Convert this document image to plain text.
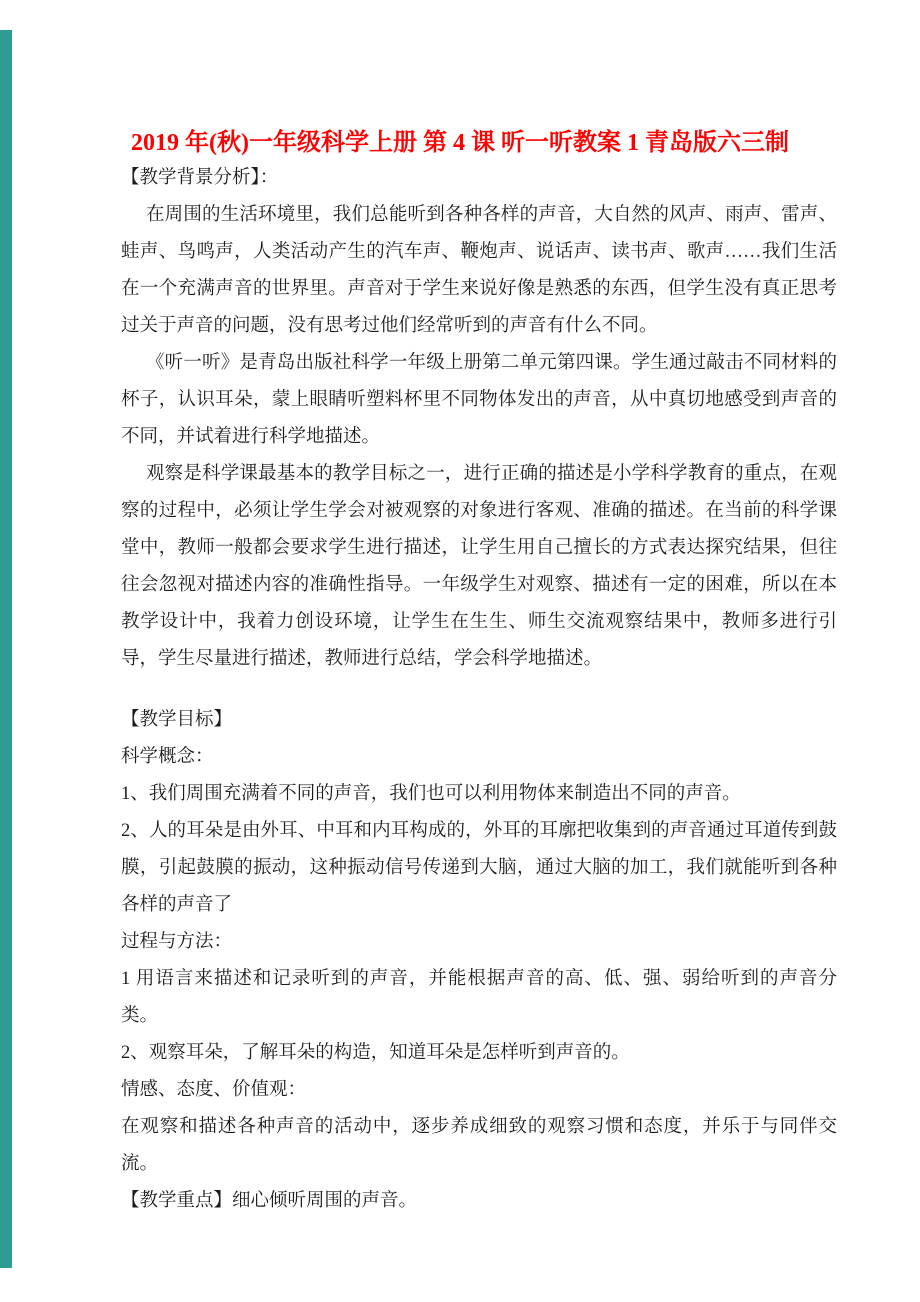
2019 年(秋)一年级科学上册 第 4 课 听一听教案 1 青岛版六三制

【教学背景分析】：

在周围的生活环境里，我们总能听到各种各样的声音，大自然的风声、雨声、雷声、蛙声、鸟鸣声，人类活动产生的汽车声、鞭炮声、说话声、读书声、歌声……我们生活在一个充满声音的世界里。声音对于学生来说好像是熟悉的东西，但学生没有真正思考过关于声音的问题，没有思考过他们经常听到的声音有什么不同。

《听一听》是青岛出版社科学一年级上册第二单元第四课。学生通过敲击不同材料的杯子，认识耳朵，蒙上眼睛听塑料杯里不同物体发出的声音，从中真切地感受到声音的不同，并试着进行科学地描述。

观察是科学课最基本的教学目标之一，进行正确的描述是小学科学教育的重点，在观察的过程中，必须让学生学会对被观察的对象进行客观、准确的描述。在当前的科学课堂中，教师一般都会要求学生进行描述，让学生用自己擅长的方式表达探究结果，但往往会忽视对描述内容的准确性指导。一年级学生对观察、描述有一定的困难，所以在本教学设计中，我着力创设环境，让学生在生生、师生交流观察结果中，教师多进行引导，学生尽量进行描述，教师进行总结，学会科学地描述。

【教学目标】

科学概念：

1、我们周围充满着不同的声音，我们也可以利用物体来制造出不同的声音。

2、人的耳朵是由外耳、中耳和内耳构成的，外耳的耳廓把收集到的声音通过耳道传到鼓膜，引起鼓膜的振动，这种振动信号传递到大脑，通过大脑的加工，我们就能听到各种各样的声音了

过程与方法：

1 用语言来描述和记录听到的声音，并能根据声音的高、低、强、弱给听到的声音分类。

2、观察耳朵，了解耳朵的构造，知道耳朵是怎样听到声音的。

情感、态度、价值观：

在观察和描述各种声音的活动中，逐步养成细致的观察习惯和态度，并乐于与同伴交流。

【教学重点】细心倾听周围的声音。
